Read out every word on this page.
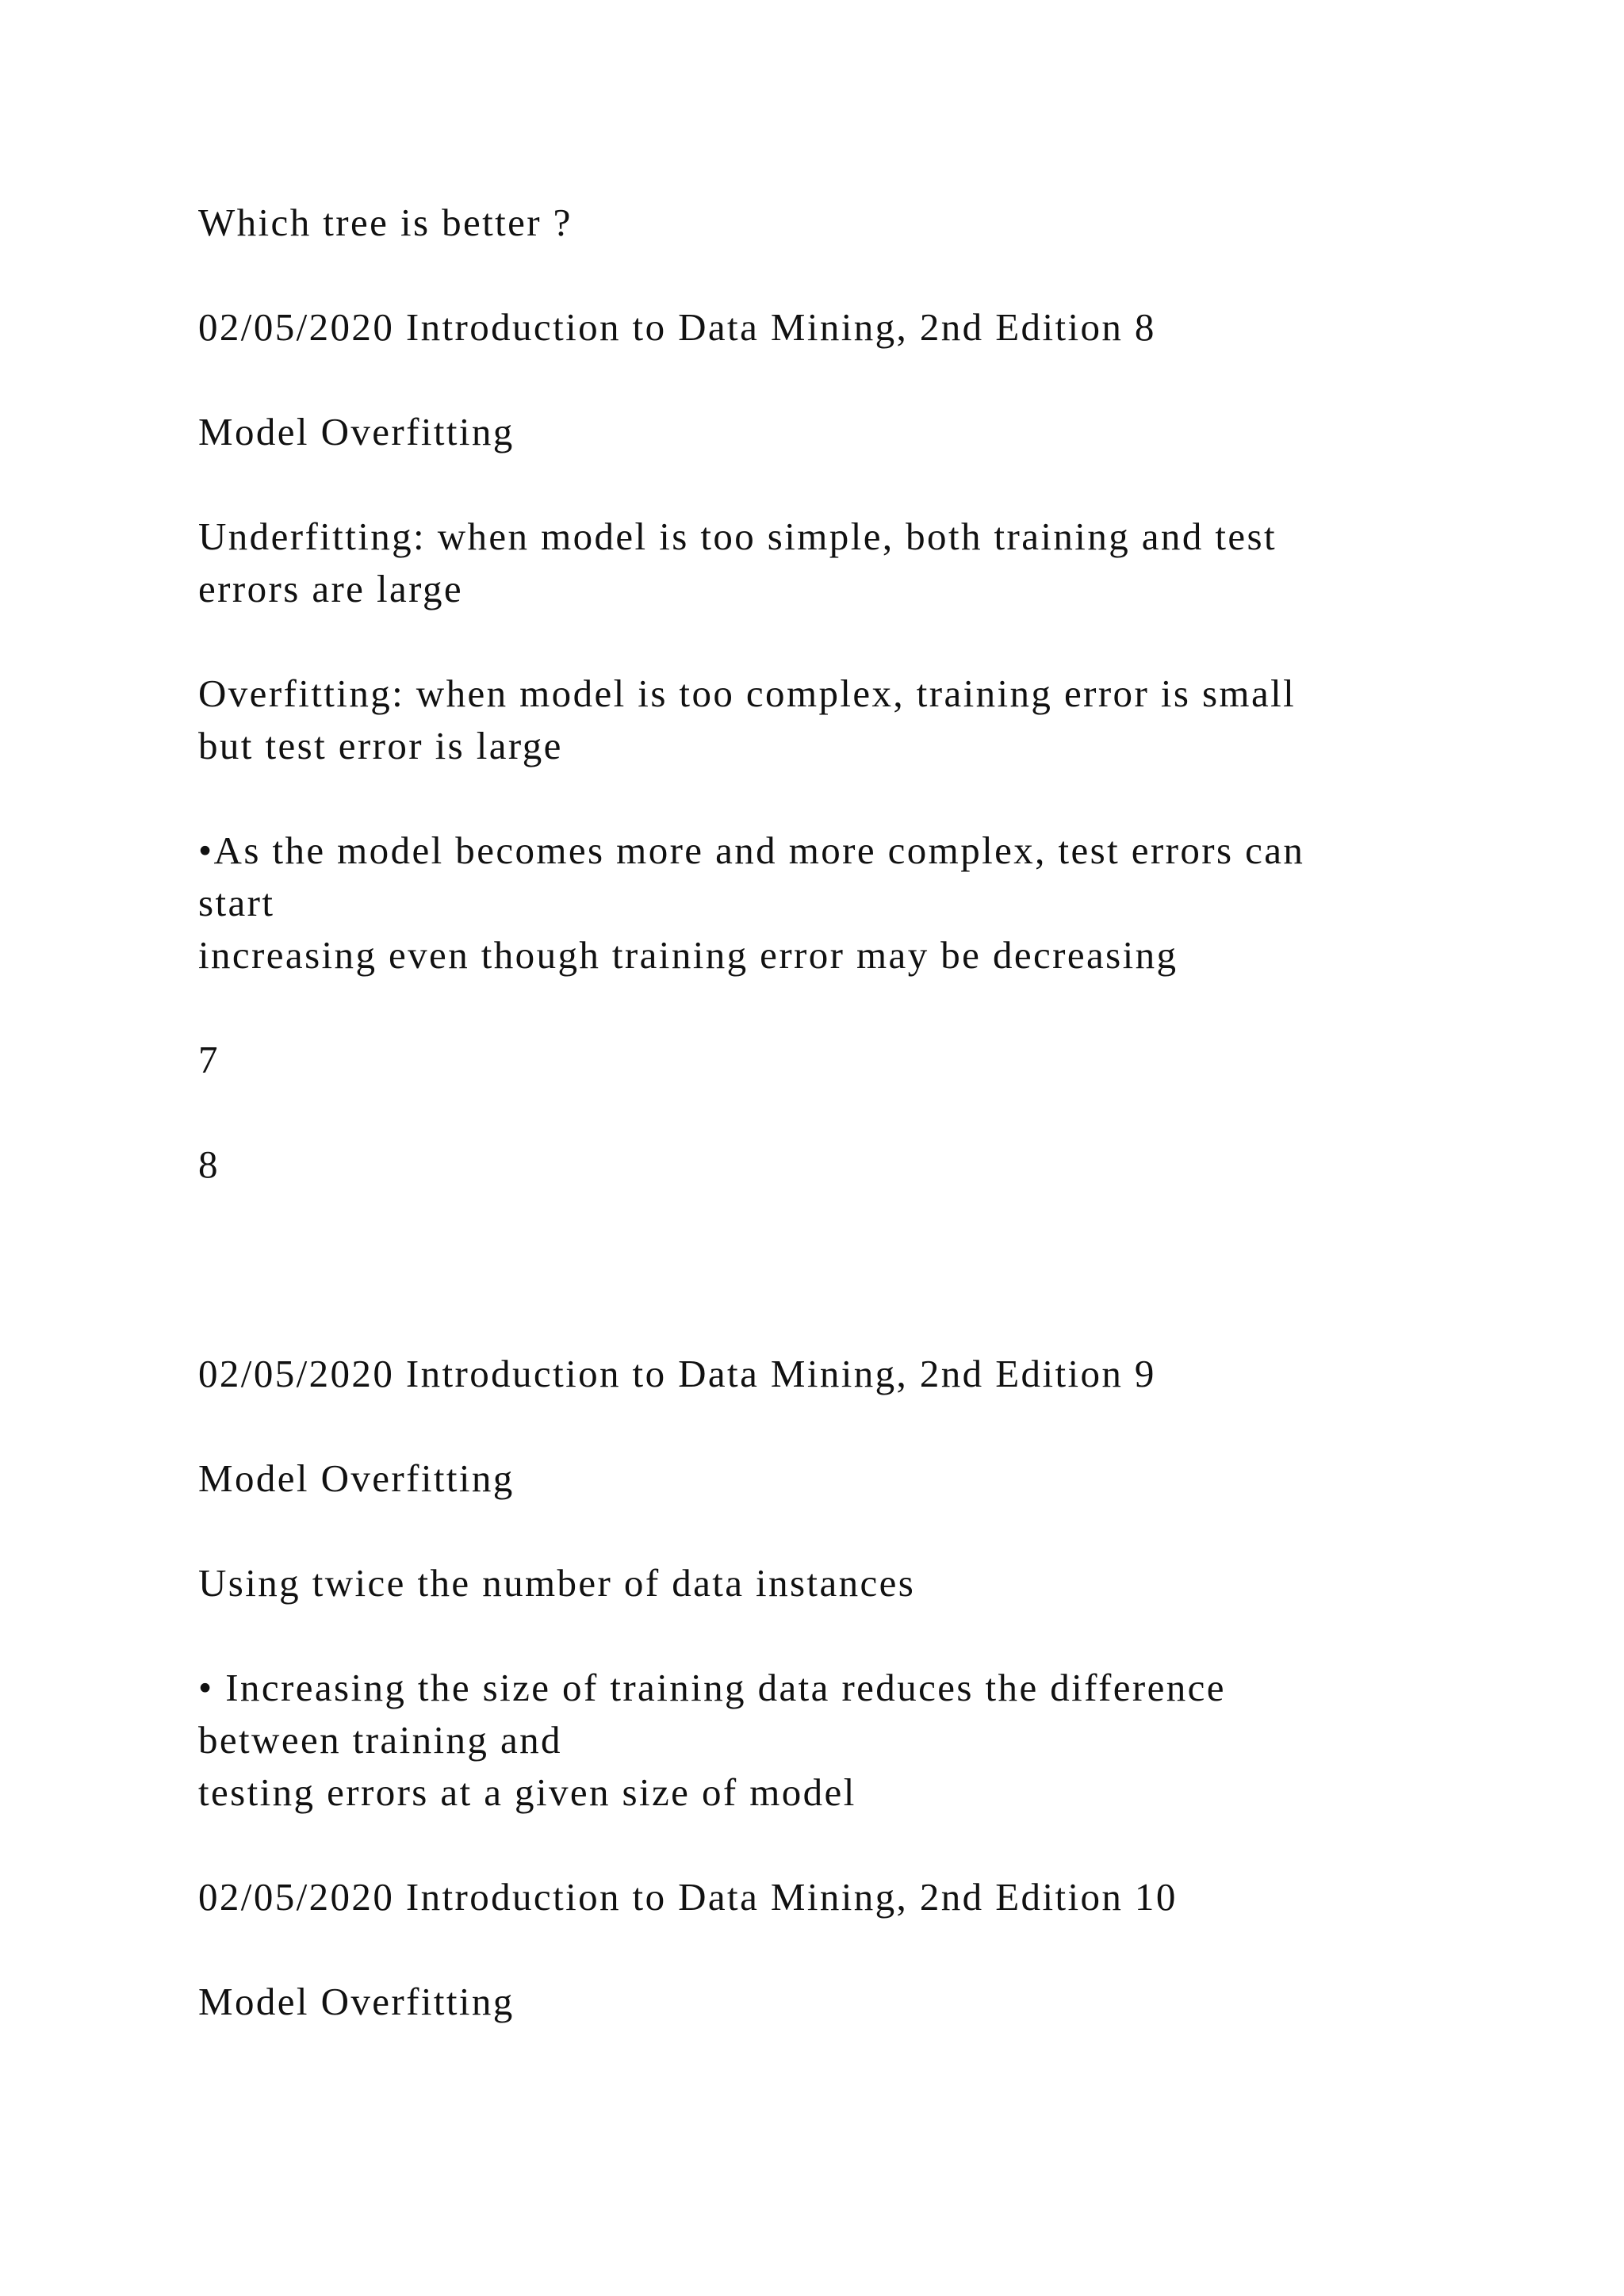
Which tree is better ?

02/05/2020 Introduction to Data Mining, 2nd Edition 8

Model Overfitting

Underfitting: when model is too simple, both training and test

errors are large

Overfitting: when model is too complex, training error is small

but test error is large

•As the model becomes more and more complex, test errors can

start

increasing even though training error may be decreasing

7

8

02/05/2020 Introduction to Data Mining, 2nd Edition 9

Model Overfitting

Using twice the number of data instances

• Increasing the size of training data reduces the difference

between training and

testing errors at a given size of model

02/05/2020 Introduction to Data Mining, 2nd Edition 10

Model Overfitting
